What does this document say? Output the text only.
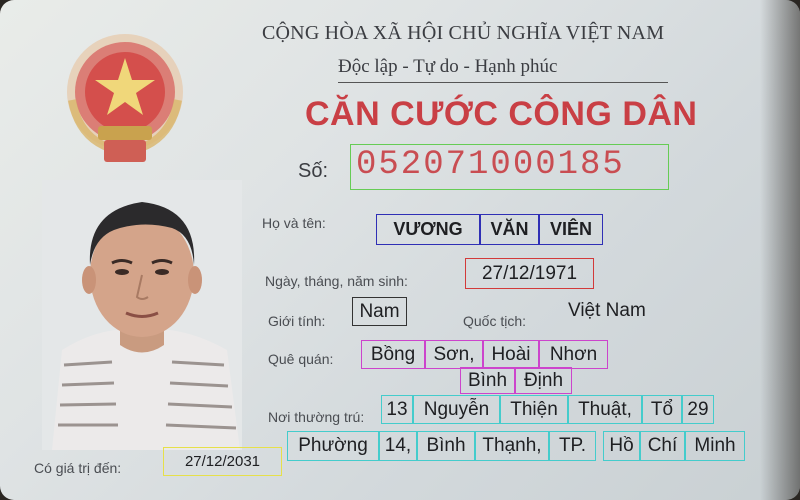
CỘNG HÒA XÃ HỘI CHỦ NGHĨA VIỆT NAM
Độc lập - Tự do - Hạnh phúc
CĂN CƯỚC CÔNG DÂN
Số: 052071000185
Họ và tên:	VƯƠNG	VĂN	VIÊN
Ngày, tháng, năm sinh:	27/12/1971
Giới tính:	Nam	Quốc tịch: Việt Nam
Quê quán:	Bồng Sơn, Hoài	Nhơn
Bình Định
Nơi thường trú: 13 Nguyễn	Thiện	Thuật, Tổ 29
Phường 14, Bình Thạnh, TP.	Hồ Chí Minh
Có giá trị đến:	27/12/2031
